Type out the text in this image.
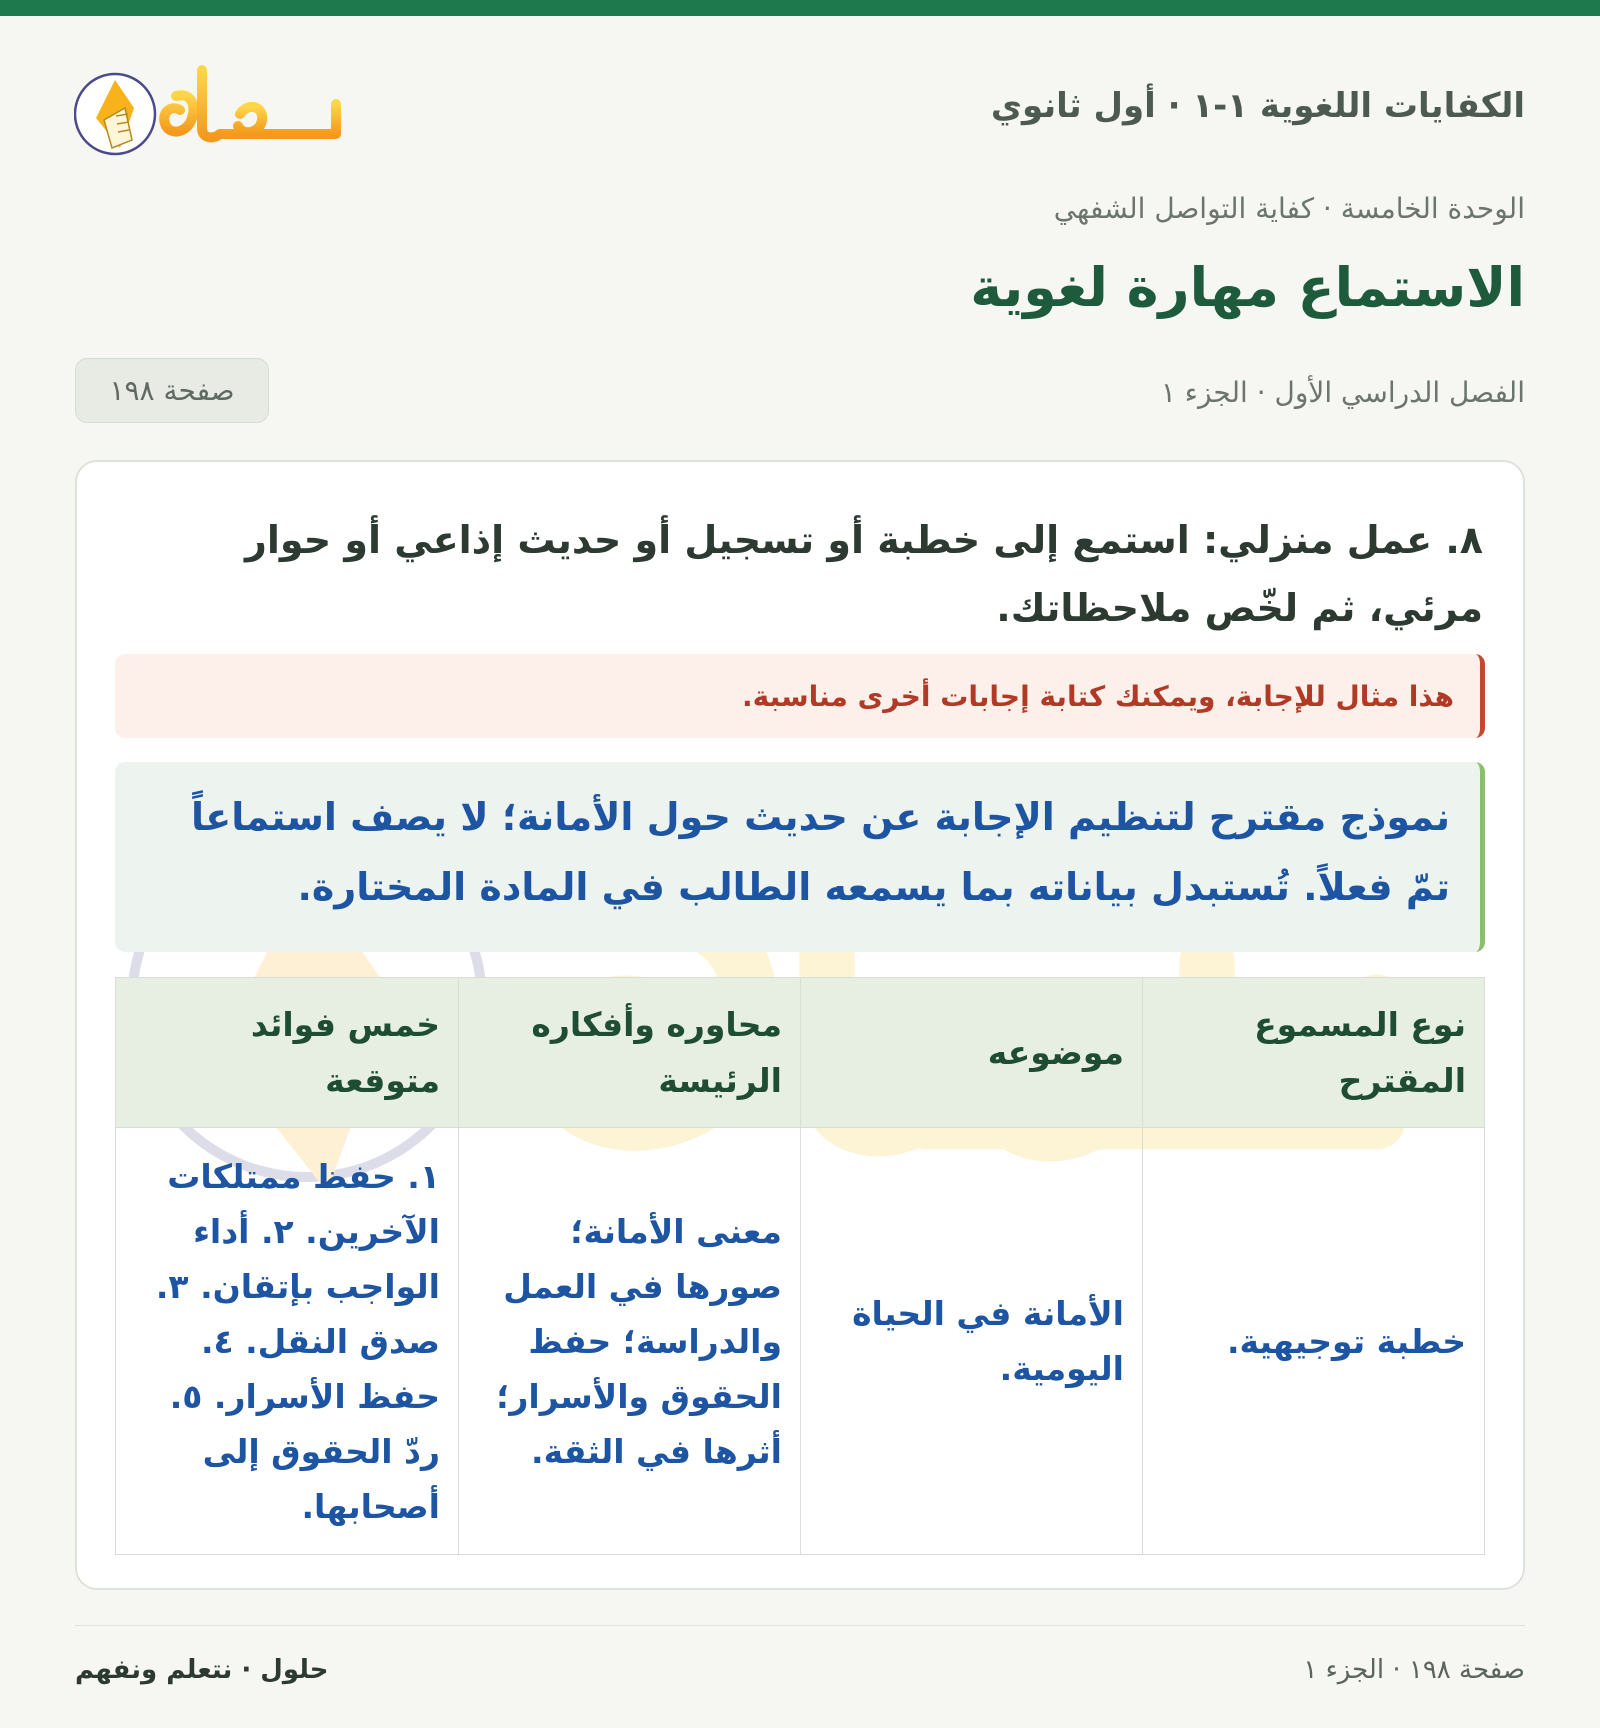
الكفايات اللغوية ١-١ · أول ثانوي
الوحدة الخامسة · كفاية التواصل الشفهي
الاستماع مهارة لغوية
الفصل الدراسي الأول · الجزء ١
صفحة ١٩٨

٨. عمل منزلي: استمع إلى خطبة أو تسجيل أو حديث إذاعي أو حوار مرئي، ثم لخّص ملاحظاتك.

هذا مثال للإجابة، ويمكنك كتابة إجابات أخرى مناسبة.
نموذج مقترح لتنظيم الإجابة عن حديث حول الأمانة؛ لا يصف استماعاً تمّ فعلاً. تُستبدل بياناته بما يسمعه الطالب في المادة المختارة.
نوع المسموع المقترح
موضوعه
محاوره وأفكاره الرئيسة
خمس فوائد متوقعة
خطبة توجيهية.
الأمانة في الحياة اليومية.
معنى الأمانة؛ صورها في العمل والدراسة؛ حفظ الحقوق والأسرار؛ أثرها في الثقة.
١. حفظ ممتلكات الآخرين. ٢. أداء الواجب بإتقان. ٣. صدق النقل. ٤. حفظ الأسرار. ٥. ردّ الحقوق إلى أصحابها.
صفحة ١٩٨ · الجزء ١
حلول · نتعلم ونفهم
